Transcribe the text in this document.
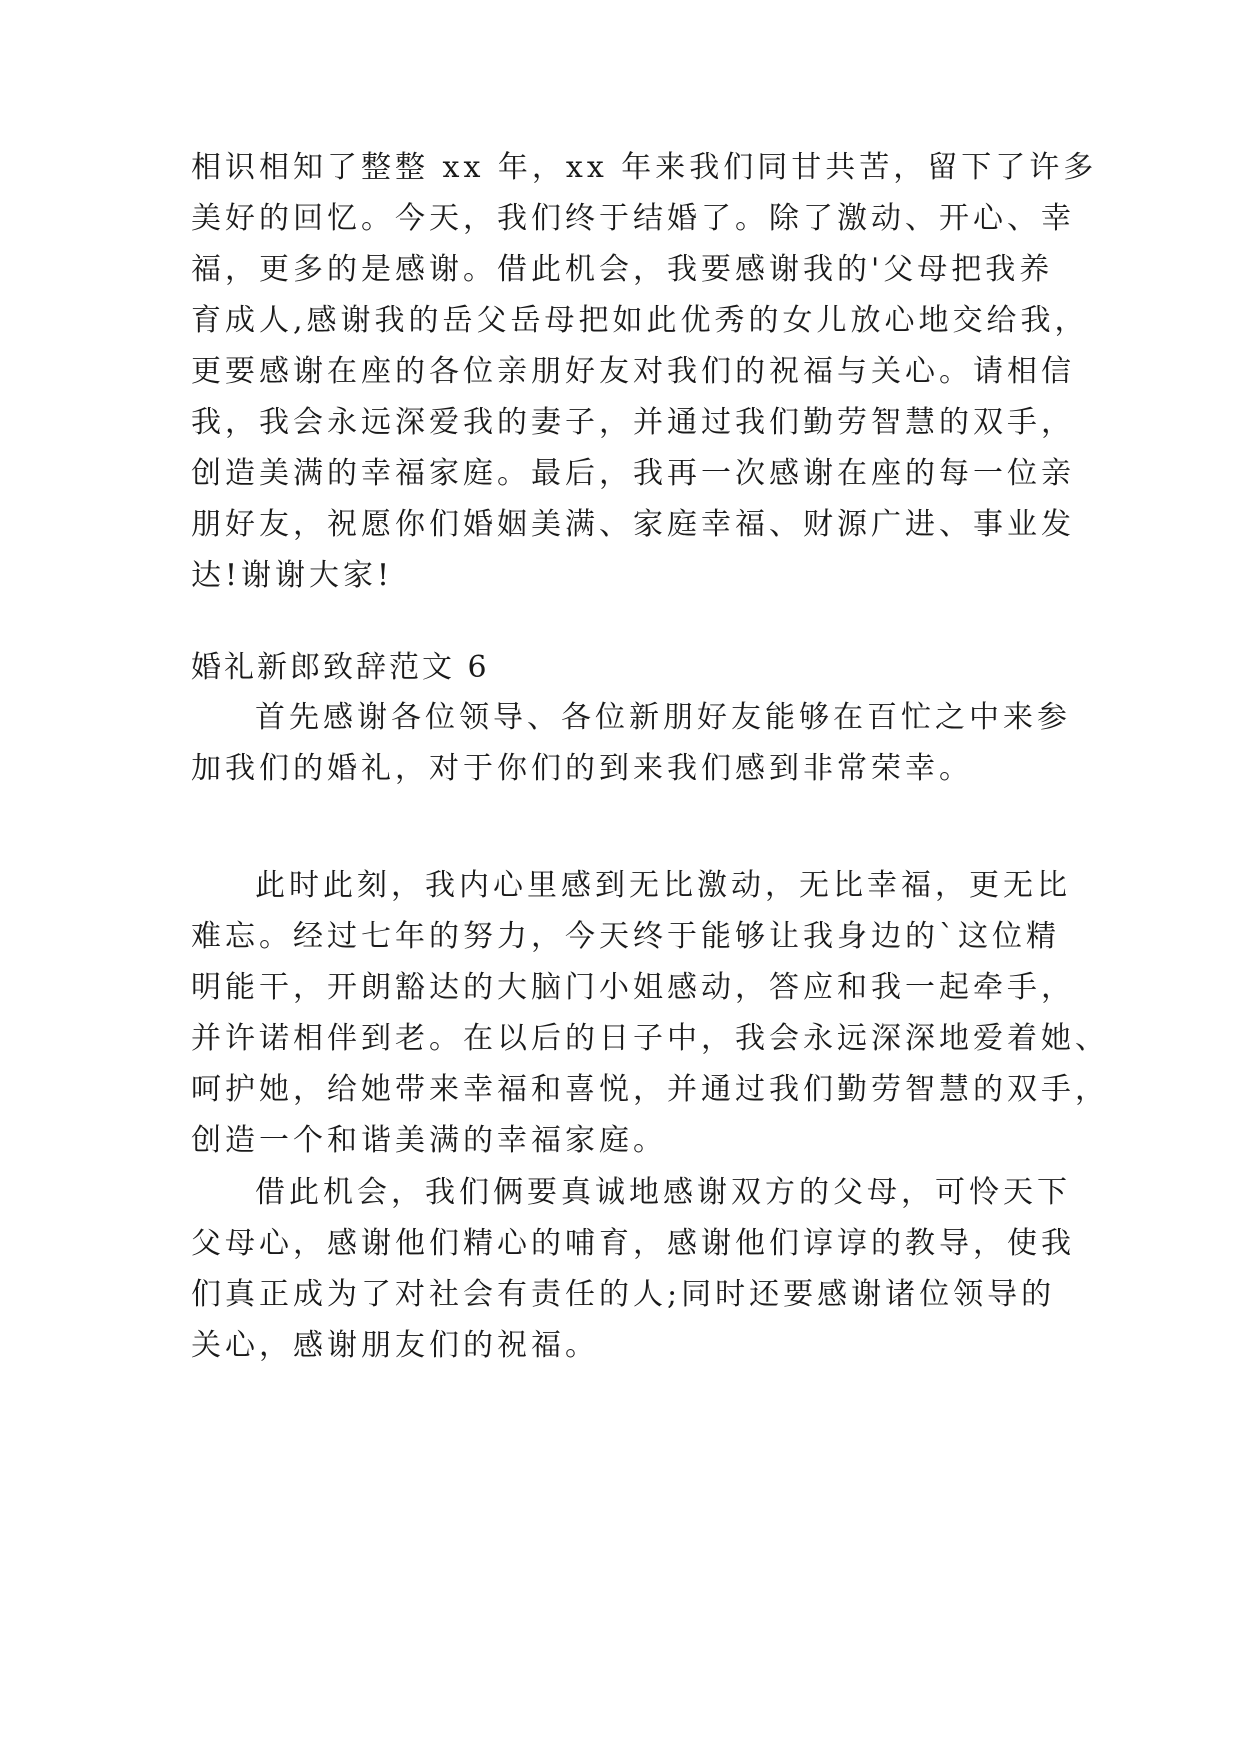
相识相知了整整 xx 年，xx 年来我们同甘共苦，留下了许多
美好的回忆。今天，我们终于结婚了。除了激动、开心、幸
福，更多的是感谢。借此机会，我要感谢我的'父母把我养
育成人,感谢我的岳父岳母把如此优秀的女儿放心地交给我，
更要感谢在座的各位亲朋好友对我们的祝福与关心。请相信
我，我会永远深爱我的妻子，并通过我们勤劳智慧的双手，
创造美满的幸福家庭。最后，我再一次感谢在座的每一位亲
朋好友，祝愿你们婚姻美满、家庭幸福、财源广进、事业发
达!谢谢大家!
婚礼新郎致辞范文 6
首先感谢各位领导、各位新朋好友能够在百忙之中来参
加我们的婚礼，对于你们的到来我们感到非常荣幸。
此时此刻，我内心里感到无比激动，无比幸福，更无比
难忘。经过七年的努力，今天终于能够让我身边的`这位精
明能干，开朗豁达的大脑门小姐感动，答应和我一起牵手，
并许诺相伴到老。在以后的日子中，我会永远深深地爱着她、
呵护她，给她带来幸福和喜悦，并通过我们勤劳智慧的双手，
创造一个和谐美满的幸福家庭。
借此机会，我们俩要真诚地感谢双方的父母，可怜天下
父母心，感谢他们精心的哺育，感谢他们谆谆的教导，使我
们真正成为了对社会有责任的人;同时还要感谢诸位领导的
关心，感谢朋友们的祝福。
